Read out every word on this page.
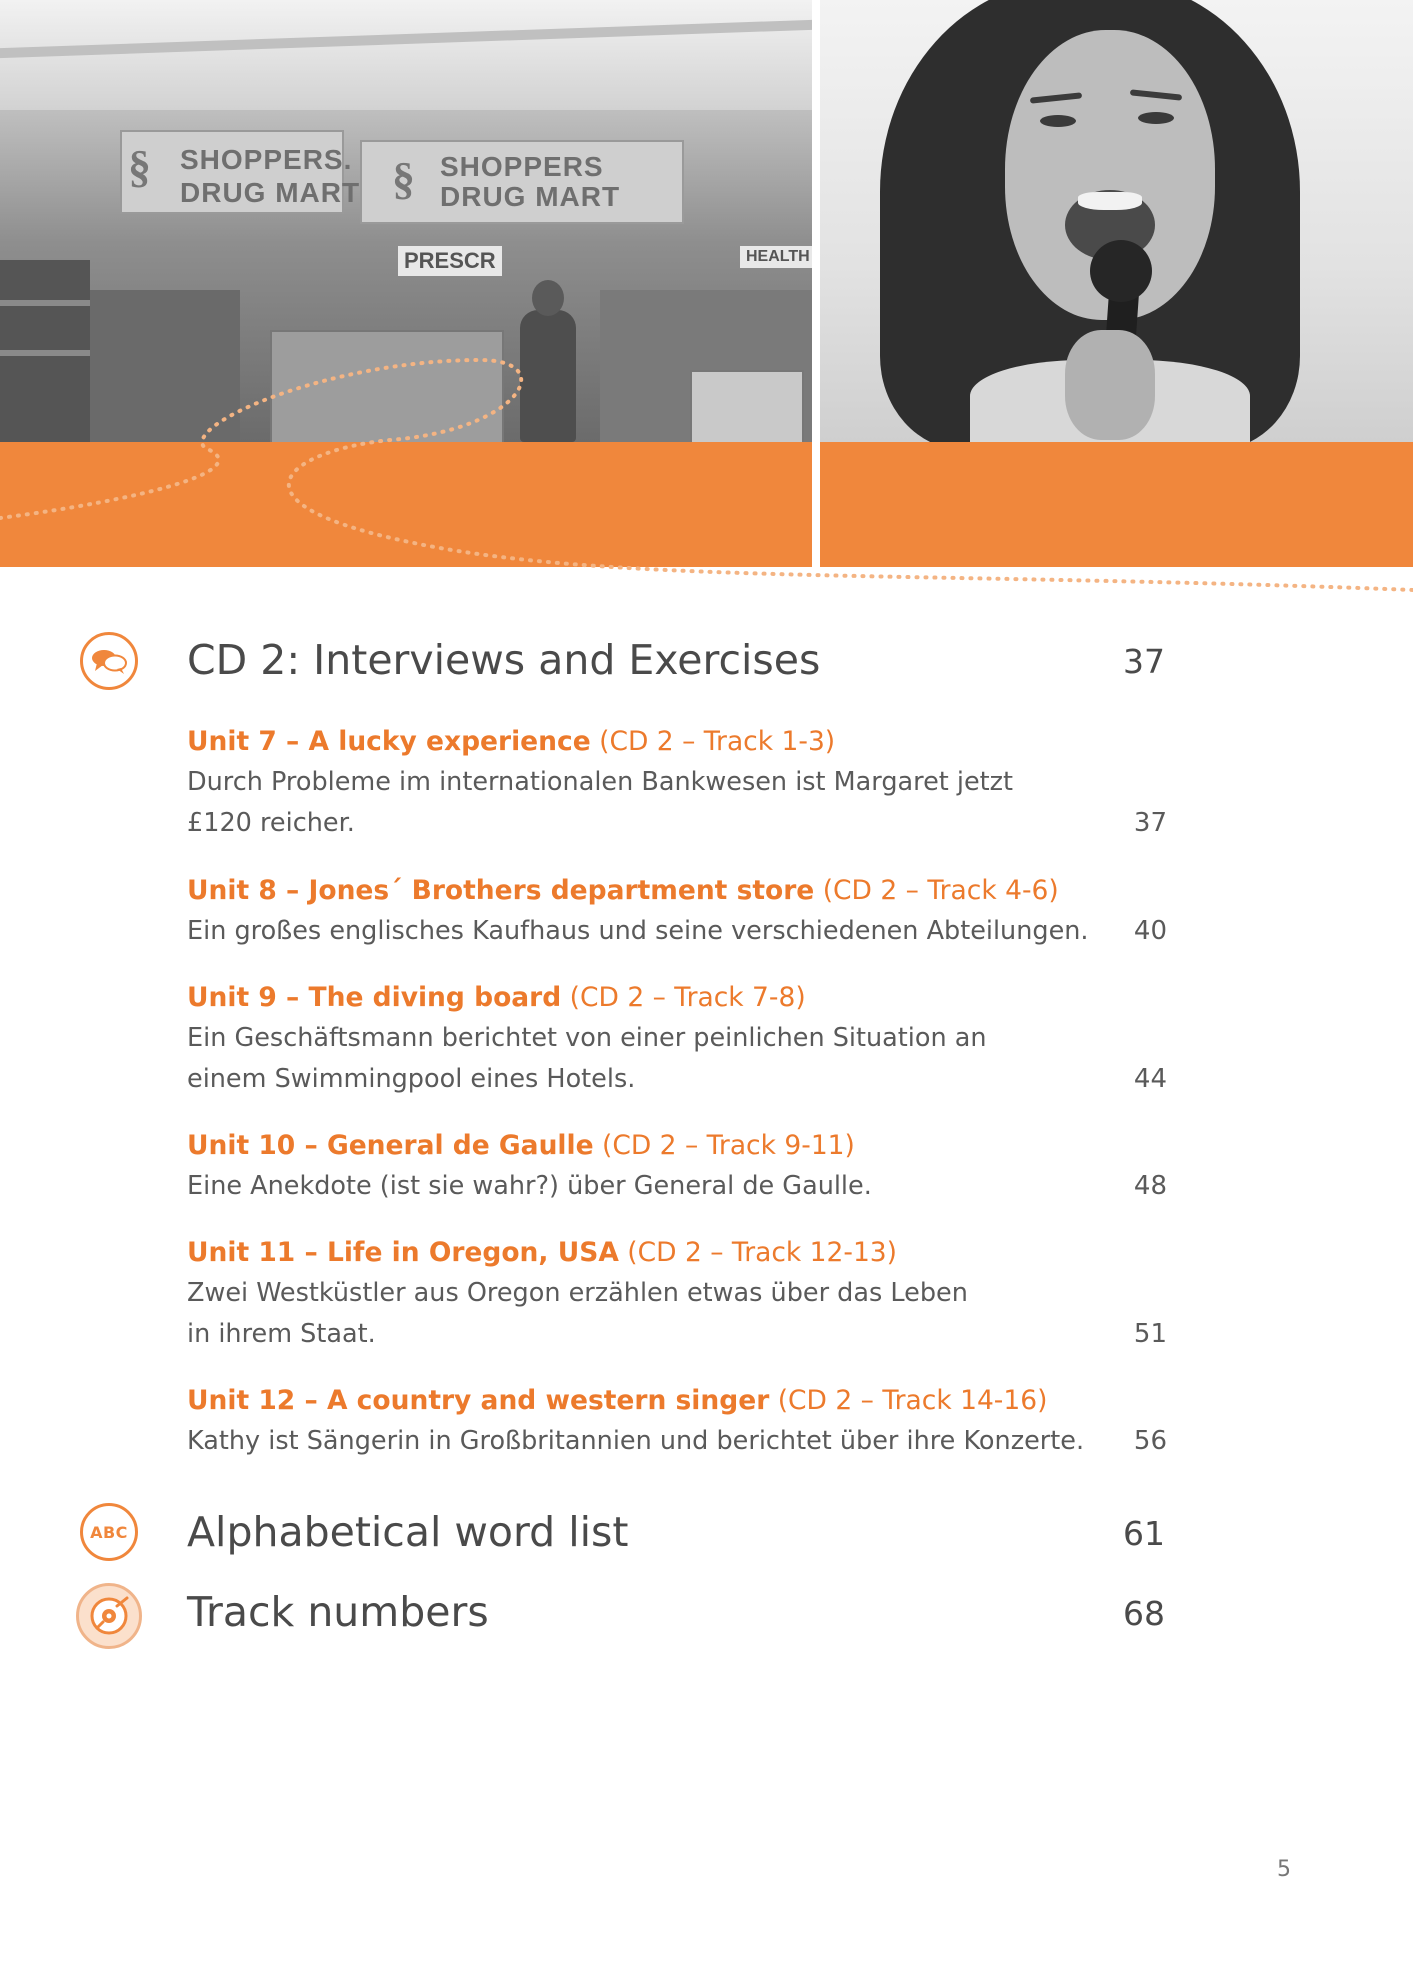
§ SHOPPERS.
DRUG MART § SHOPPERS
DRUG MART
PRESCR	HEALTH
CD 2: Interviews and Exercises	37
Unit 7 – A lucky experience (CD 2 – Track 1-3)
Durch Probleme im internationalen Bankwesen ist Margaret jetzt
£120 reicher.	37
Unit 8 – Jones´ Brothers department store (CD 2 – Track 4-6)
Ein großes englisches Kaufhaus und seine verschiedenen Abteilungen.	40
Unit 9 – The diving board (CD 2 – Track 7-8)
Ein Geschäftsmann berichtet von einer peinlichen Situation an
einem Swimmingpool eines Hotels.	44
Unit 10 – General de Gaulle (CD 2 – Track 9-11)
Eine Anekdote (ist sie wahr?) über General de Gaulle.	48
Unit 11 – Life in Oregon, USA (CD 2 – Track 12-13)
Zwei Westküstler aus Oregon erzählen etwas über das Leben
in ihrem Staat.	51
Unit 12 – A country and western singer (CD 2 – Track 14-16)
Kathy ist Sängerin in Großbritannien und berichtet über ihre Konzerte.	56
ABC Alphabetical word list	61
Track numbers	68
5
